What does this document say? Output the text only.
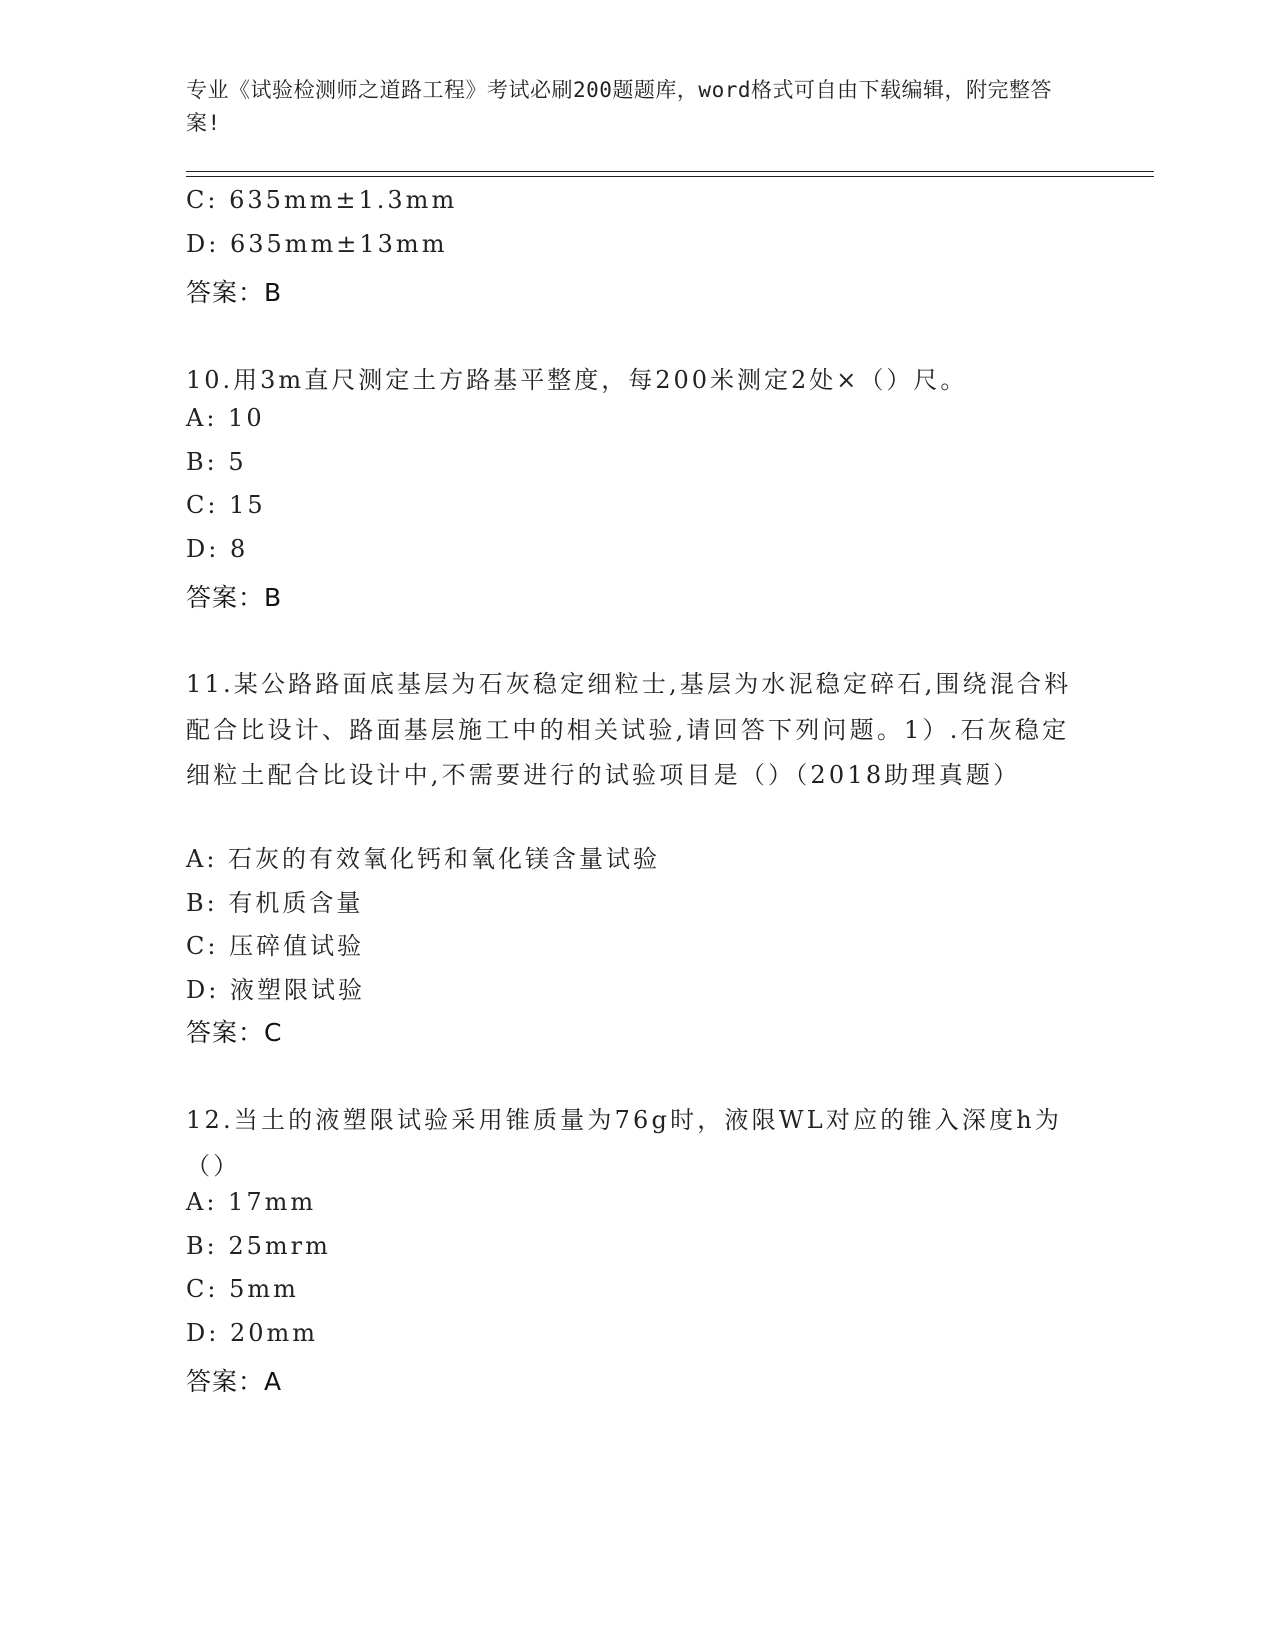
专业《试验检测师之道路工程》考试必刷200题题库，word格式可自由下载编辑，附完整答案!
C: 635mm±1.3mm
D: 635mm±13mm
答案：B
10.用3m直尺测定土方路基平整度，每200米测定2处×（）尺。
A: 10
B: 5
C: 15
D: 8
答案：B
11.某公路路面底基层为石灰稳定细粒士,基层为水泥稳定碎石,围绕混合料配合比设计、路面基层施工中的相关试验,请回答下列问题。1）.石灰稳定细粒土配合比设计中,不需要进行的试验项目是（）（2018助理真题）
A: 石灰的有效氧化钙和氧化镁含量试验
B: 有机质含量
C: 压碎值试验
D: 液塑限试验
答案：C
12.当土的液塑限试验采用锥质量为76g时，液限WL对应的锥入深度h为（）
A: 17mm
B: 25mrm
C: 5mm
D: 20mm
答案：A
